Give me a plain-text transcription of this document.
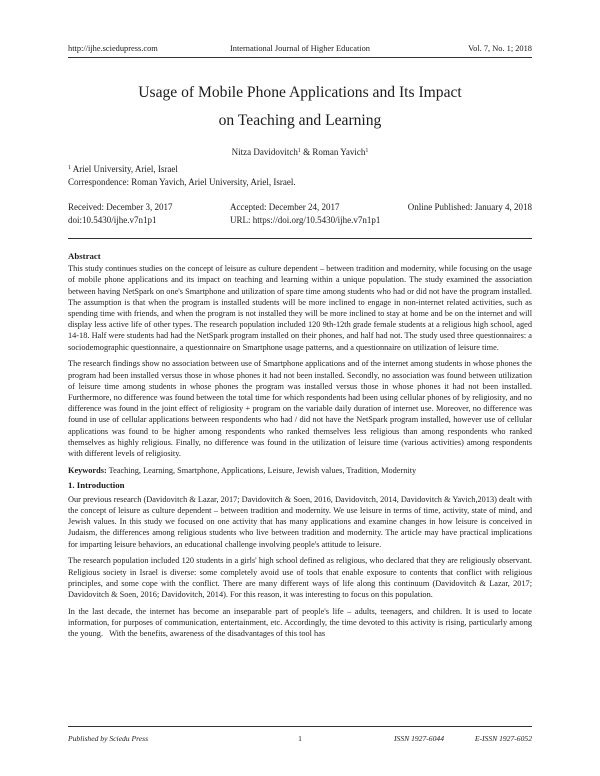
http://ijhe.sciedupress.com	International Journal of Higher Education	Vol. 7, No. 1; 2018
Usage of Mobile Phone Applications and Its Impact
on Teaching and Learning
Nitza Davidovitch$^1$ & Roman Yavich$^1$
$^1$ Ariel University, Ariel, Israel
Correspondence: Roman Yavich, Ariel University, Ariel, Israel.
Received: December 3, 2017	Accepted: December 24, 2017	Online Published: January 4, 2018
doi:10.5430/ijhe.v7n1p1	URL: https://doi.org/10.5430/ijhe.v7n1p1

Abstract

This study continues studies on the concept of leisure as culture dependent – between tradition and modernity, while focusing on the usage of mobile phone applications and its impact on teaching and learning within a unique population. The study examined the association between having NetSpark on one's Smartphone and utilization of spare time among students who had or did not have the program installed. The assumption is that when the program is installed students will be more inclined to engage in non-internet related activities, such as spending time with friends, and when the program is not installed they will be more inclined to stay at home and be on the internet and will display less active life of other types. The research population included 120 9th-12th grade female students at a religious high school, aged 14-18. Half were students had had the NetSpark program installed on their phones, and half had not. The study used three questionnaires: a sociodemographic questionnaire, a questionnaire on Smartphone usage patterns, and a questionnaire on utilization of leisure time.

The research findings show no association between use of Smartphone applications and of the internet among students in whose phones the program had been installed versus those in whose phones it had not been installed. Secondly, no association was found between utilization of leisure time among students in whose phones the program was installed versus those in whose phones it had not been installed. Furthermore, no difference was found between the total time for which respondents had been using cellular phones of by religiosity, and no difference was found in the joint effect of religiosity + program on the variable daily duration of internet use. Moreover, no difference was found in use of cellular applications between respondents who had / did not have the NetSpark program installed, however use of cellular applications was found to be higher among respondents who ranked themselves less religious than among respondents who ranked themselves as highly religious. Finally, no difference was found in the utilization of leisure time (various activities) among respondents with different levels of religiosity.

Keywords: Teaching, Learning, Smartphone, Applications, Leisure, Jewish values, Tradition, Modernity

1. Introduction

Our previous research (Davidovitch & Lazar, 2017; Davidovitch & Soen, 2016, Davidovitch, 2014, Davidovitch & Yavich,2013) dealt with the concept of leisure as culture dependent – between tradition and modernity. We use leisure in terms of time, activity, state of mind, and Jewish values. In this study we focused on one activity that has many applications and examine changes in how leisure is conceived in Judaism, the differences among religious students who live between tradition and modernity. The article may have practical implications for imparting leisure behaviors, an educational challenge involving people's attitude to leisure.

The research population included 120 students in a girls' high school defined as religious, who declared that they are religiously observant. Religious society in Israel is diverse: some completely avoid use of tools that enable exposure to contents that conflict with religious principles, and some cope with the conflict. There are many different ways of life along this continuum (Davidovitch & Lazar, 2017; Davidovitch & Soen, 2016; Davidovitch, 2014). For this reason, it was interesting to focus on this population.

In the last decade, the internet has become an inseparable part of people's life – adults, teenagers, and children. It is used to locate information, for purposes of communication, entertainment, etc. Accordingly, the time devoted to this activity is rising, particularly among the young.   With the benefits, awareness of the disadvantages of this tool has

Published by Sciedu Press	1	ISSN 1927-6044	E-ISSN 1927-6052
